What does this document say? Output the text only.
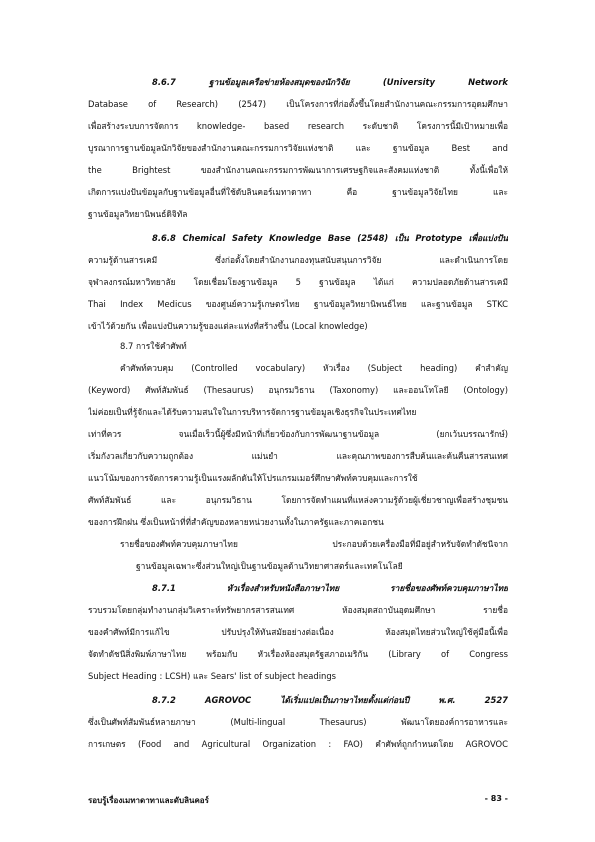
8.6.7 ฐานข้อมูลเครือข่ายห้องสมุดของนักวิจัย (University Network
Database of Research) (2547) เป็นโครงการที่ก่อตั้งขึ้นโดยสำนักงานคณะกรรมการอุดมศึกษา
เพื่อสร้างระบบการจัดการ knowledge- based research ระดับชาติ โครงการนี้มีเป้าหมายเพื่อ
บูรณาการฐานข้อมูลนักวิจัยของสำนักงานคณะกรรมการวิจัยแห่งชาติ และ ฐานข้อมูล Best and
the Brightest ของสำนักงานคณะกรรมการพัฒนาการเศรษฐกิจและสังคมแห่งชาติ ทั้งนี้เพื่อให้
เกิดการแบ่งปันข้อมูลกับฐานข้อมูลอื่นที่ใช้ดับลินคอร์เมทาดาทา คือ ฐานข้อมูลวิจัยไทย และ
ฐานข้อมูลวิทยานิพนธ์ดิจิทัล
8.6.8 Chemical Safety Knowledge Base (2548) เป็น Prototype เพื่อแบ่งปัน
ความรู้ด้านสารเคมี ซึ่งก่อตั้งโดยสำนักงานกองทุนสนับสนุนการวิจัย และดำเนินการโดย
จุฬาลงกรณ์มหาวิทยาลัย โดยเชื่อมโยงฐานข้อมูล 5 ฐานข้อมูล ได้แก่ ความปลอดภัยด้านสารเคมี
Thai Index Medicus ของศูนย์ความรู้เกษตรไทย ฐานข้อมูลวิทยานิพนธ์ไทย และฐานข้อมูล STKC
เข้าไว้ด้วยกัน เพื่อแบ่งปันความรู้ของแต่ละแห่งที่สร้างขึ้น (Local knowledge)
8.7 การใช้คำศัพท์
คำศัพท์ควบคุม (Controlled vocabulary) หัวเรื่อง (Subject heading) คำสำคัญ
(Keyword) ศัพท์สัมพันธ์ (Thesaurus) อนุกรมวิธาน (Taxonomy) และออนโทโลยี (Ontology)
ไม่ค่อยเป็นที่รู้จักและได้รับความสนใจในการบริหารจัดการฐานข้อมูลเชิงธุรกิจในประเทศไทย
เท่าที่ควร จนเมื่อเร็วนี้ผู้ซึ่งมีหน้าที่เกี่ยวข้องกับการพัฒนาฐานข้อมูล (ยกเว้นบรรณารักษ์)
เริ่มกังวลเกี่ยวกับความถูกต้อง แม่นยำ และคุณภาพของการสืบค้นและค้นคืนสารสนเทศ
แนวโน้มของการจัดการความรู้เป็นแรงผลักดันให้โปรแกรมเมอร์ศึกษาศัพท์ควบคุมและการใช้
ศัพท์สัมพันธ์ และ อนุกรมวิธาน โดยการจัดทำแผนที่แหล่งความรู้ด้วยผู้เชี่ยวชาญเพื่อสร้างชุมชน
ของการฝึกฝน ซึ่งเป็นหน้าที่ที่สำคัญของหลายหน่วยงานทั้งในภาครัฐและภาคเอกชน
รายชื่อของศัพท์ควบคุมภาษาไทย ประกอบด้วยเครื่องมือที่มีอยู่สำหรับจัดทำดัชนีจาก
ฐานข้อมูลเฉพาะซึ่งส่วนใหญ่เป็นฐานข้อมูลด้านวิทยาศาสตร์และเทคโนโลยี
8.7.1 หัวเรื่องสำหรับหนังสือภาษาไทย รายชื่อของศัพท์ควบคุมภาษาไทย
รวบรวมโดยกลุ่มทำงานกลุ่มวิเคราะห์ทรัพยากรสารสนเทศ ห้องสมุดสถาบันอุดมศึกษา รายชื่อ
ของคำศัพท์มีการแก้ไข ปรับปรุงให้ทันสมัยอย่างต่อเนื่อง ห้องสมุดไทยส่วนใหญ่ใช้คู่มือนี้เพื่อ
จัดทำดัชนีสิ่งพิมพ์ภาษาไทย พร้อมกับ หัวเรื่องห้องสมุดรัฐสภาอเมริกัน (Library of Congress
Subject Heading : LCSH) และ Sears' list of subject headings
8.7.2 AGROVOC ได้เริ่มแปลเป็นภาษาไทยตั้งแต่ก่อนปี พ.ศ. 2527
ซึ่งเป็นศัพท์สัมพันธ์หลายภาษา (Multi-lingual Thesaurus) พัฒนาโดยองค์การอาหารและ
การเกษตร (Food and Agricultural Organization : FAO) คำศัพท์ถูกกำหนดโดย AGROVOC
รอบรู้เรื่องเมทาดาทาและดับลินคอร์	- 83 -
